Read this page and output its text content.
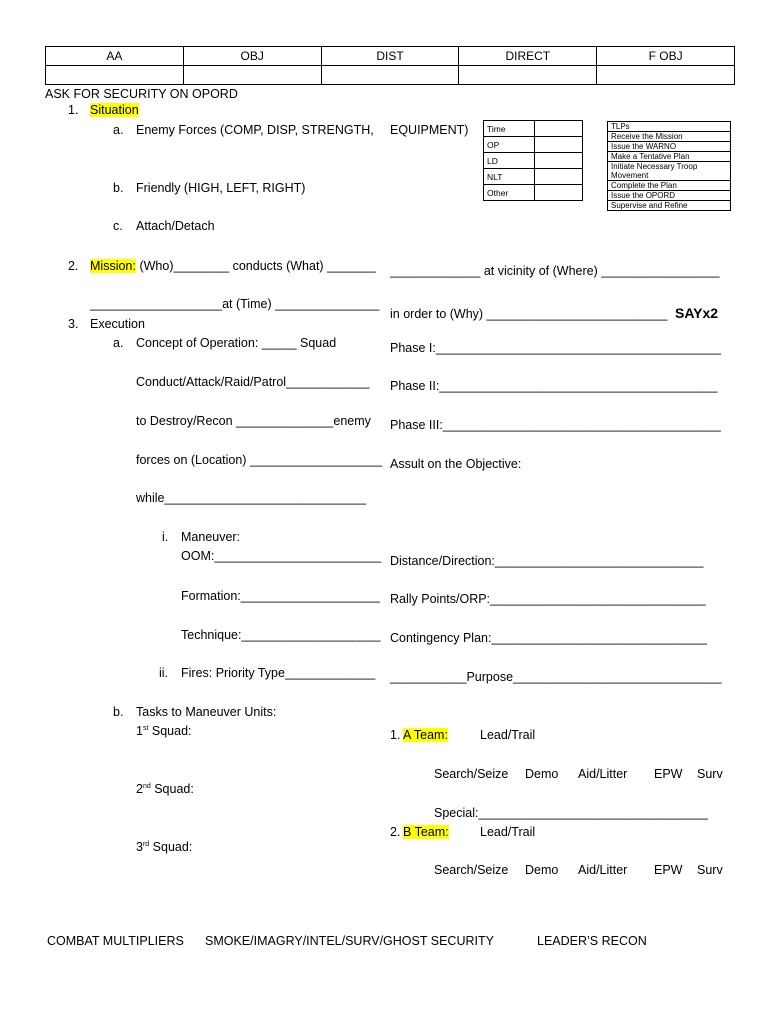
AA	OBJ	DIST	DIRECT	F OBJ

ASK FOR SECURITY ON OPORD
1. Situation
a. Enemy Forces (COMP, DISP, STRENGTH, EQUIPMENT)
b. Friendly (HIGH, LEFT, RIGHT)
c. Attach/Detach
Time	
OP	
LD	
NLT	
Other	
TLPs
Receive the Mission
Issue the WARNO
Make a Tentative Plan
Initiate Necessary Troop Movement
Complete the Plan
Issue the OPORD
Supervise and Refine
2. Mission: (Who)________ conducts (What) _______ _____________ at vicinity of (Where) _________________
___________________at (Time) _______________
in order to (Why) __________________________ SAYx2
3. Execution
a. Concept of Operation: _____ Squad
Conduct/Attack/Raid/Patrol____________
to Destroy/Recon ______________enemy
forces on (Location) ___________________
while_____________________________
Phase I:_________________________________________
Phase II:________________________________________
Phase III:________________________________________
Assult on the Objective:
i. Maneuver:
OOM:________________________
Formation:____________________
Technique:____________________
ii. Fires: Priority Type_____________
Distance/Direction:______________________________
Rally Points/ORP:_______________________________
Contingency Plan:_______________________________
___________Purpose______________________________
b. Tasks to Maneuver Units:
1st Squad:
2nd Squad:
3rd Squad:
1. A Team:	Lead/Trail
Search/Seize Demo Aid/Litter EPW Surv
Special:_________________________________
2. B Team:	Lead/Trail
Search/Seize Demo Aid/Litter EPW Surv
COMBAT MULTIPLIERS SMOKE/IMAGRY/INTEL/SURV/GHOST SECURITY	LEADER’S RECON
